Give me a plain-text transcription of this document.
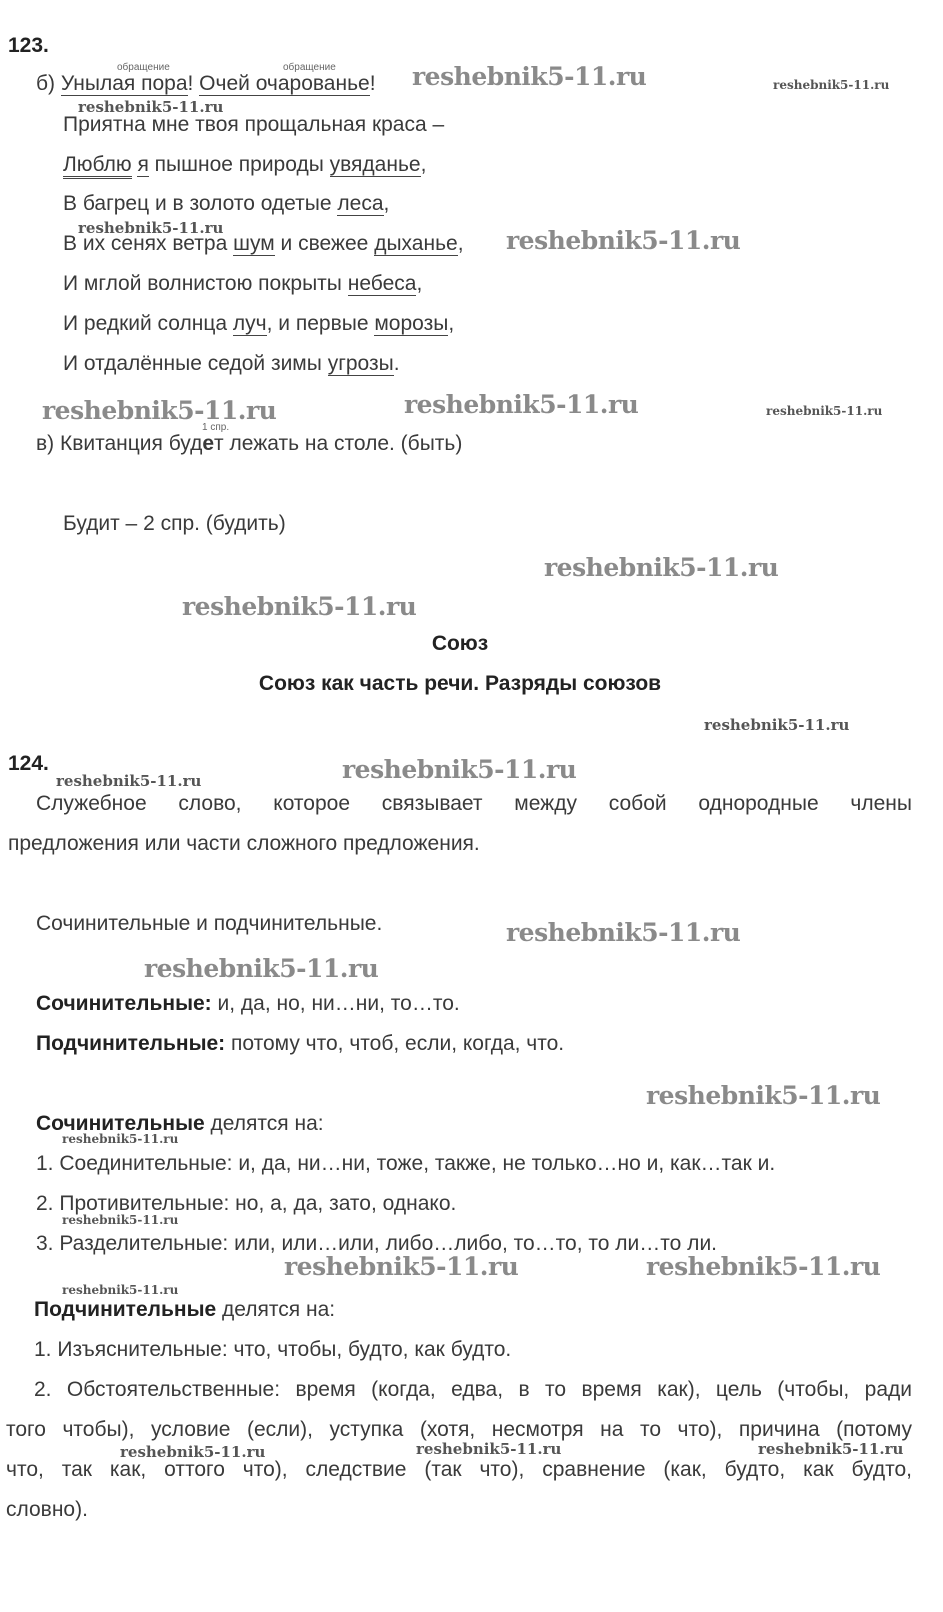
123.
обращение	обращение
б) Унылая пора! Очей очарованье!
Приятна мне твоя прощальная краса –
Люблю я пышное природы увяданье,
В багрец и в золото одетые леса,
В их сенях ветра шум и свежее дыханье,
И мглой волнистою покрыты небеса,
И редкий солнца луч, и первые морозы,
И отдалённые седой зимы угрозы.
1 спр.
в) Квитанция будет лежать на столе. (быть)
Будит – 2 спр. (будить)
Союз
Союз как часть речи. Разряды союзов
124.
Служебное слово, которое связывает между собой однородные члены
предложения или части сложного предложения.
Сочинительные и подчинительные.
Сочинительные: и, да, но, ни…ни, то…то.
Подчинительные: потому что, чтоб, если, когда, что.
Сочинительные делятся на:
1. Соединительные: и, да, ни…ни, тоже, также, не только…но и, как…так и.
2. Противительные: но, а, да, зато, однако.
3. Разделительные: или, или…или, либо…либо, то…то, то ли…то ли.
Подчинительные делятся на:
1. Изъяснительные: что, чтобы, будто, как будто.
2. Обстоятельственные: время (когда, едва, в то время как), цель (чтобы, ради
того чтобы), условие (если), уступка (хотя, несмотря на то что), причина (потому
что, так как, оттого что), следствие (так что), сравнение (как, будто, как будто,
словно).
reshebnik5-11.ru	reshebnik5-11.ru
reshebnik5-11.ru
reshebnik5-11.ru	reshebnik5-11.ru
reshebnik5-11.ru	reshebnik5-11.ru	reshebnik5-11.ru
reshebnik5-11.ru
reshebnik5-11.ru
reshebnik5-11.ru
reshebnik5-11.ru
reshebnik5-11.ru
reshebnik5-11.ru
reshebnik5-11.ru
reshebnik5-11.ru
reshebnik5-11.ru
reshebnik5-11.ru
reshebnik5-11.ru	reshebnik5-11.ru
reshebnik5-11.ru
reshebnik5-11.ru	reshebnik5-11.ru	reshebnik5-11.ru
